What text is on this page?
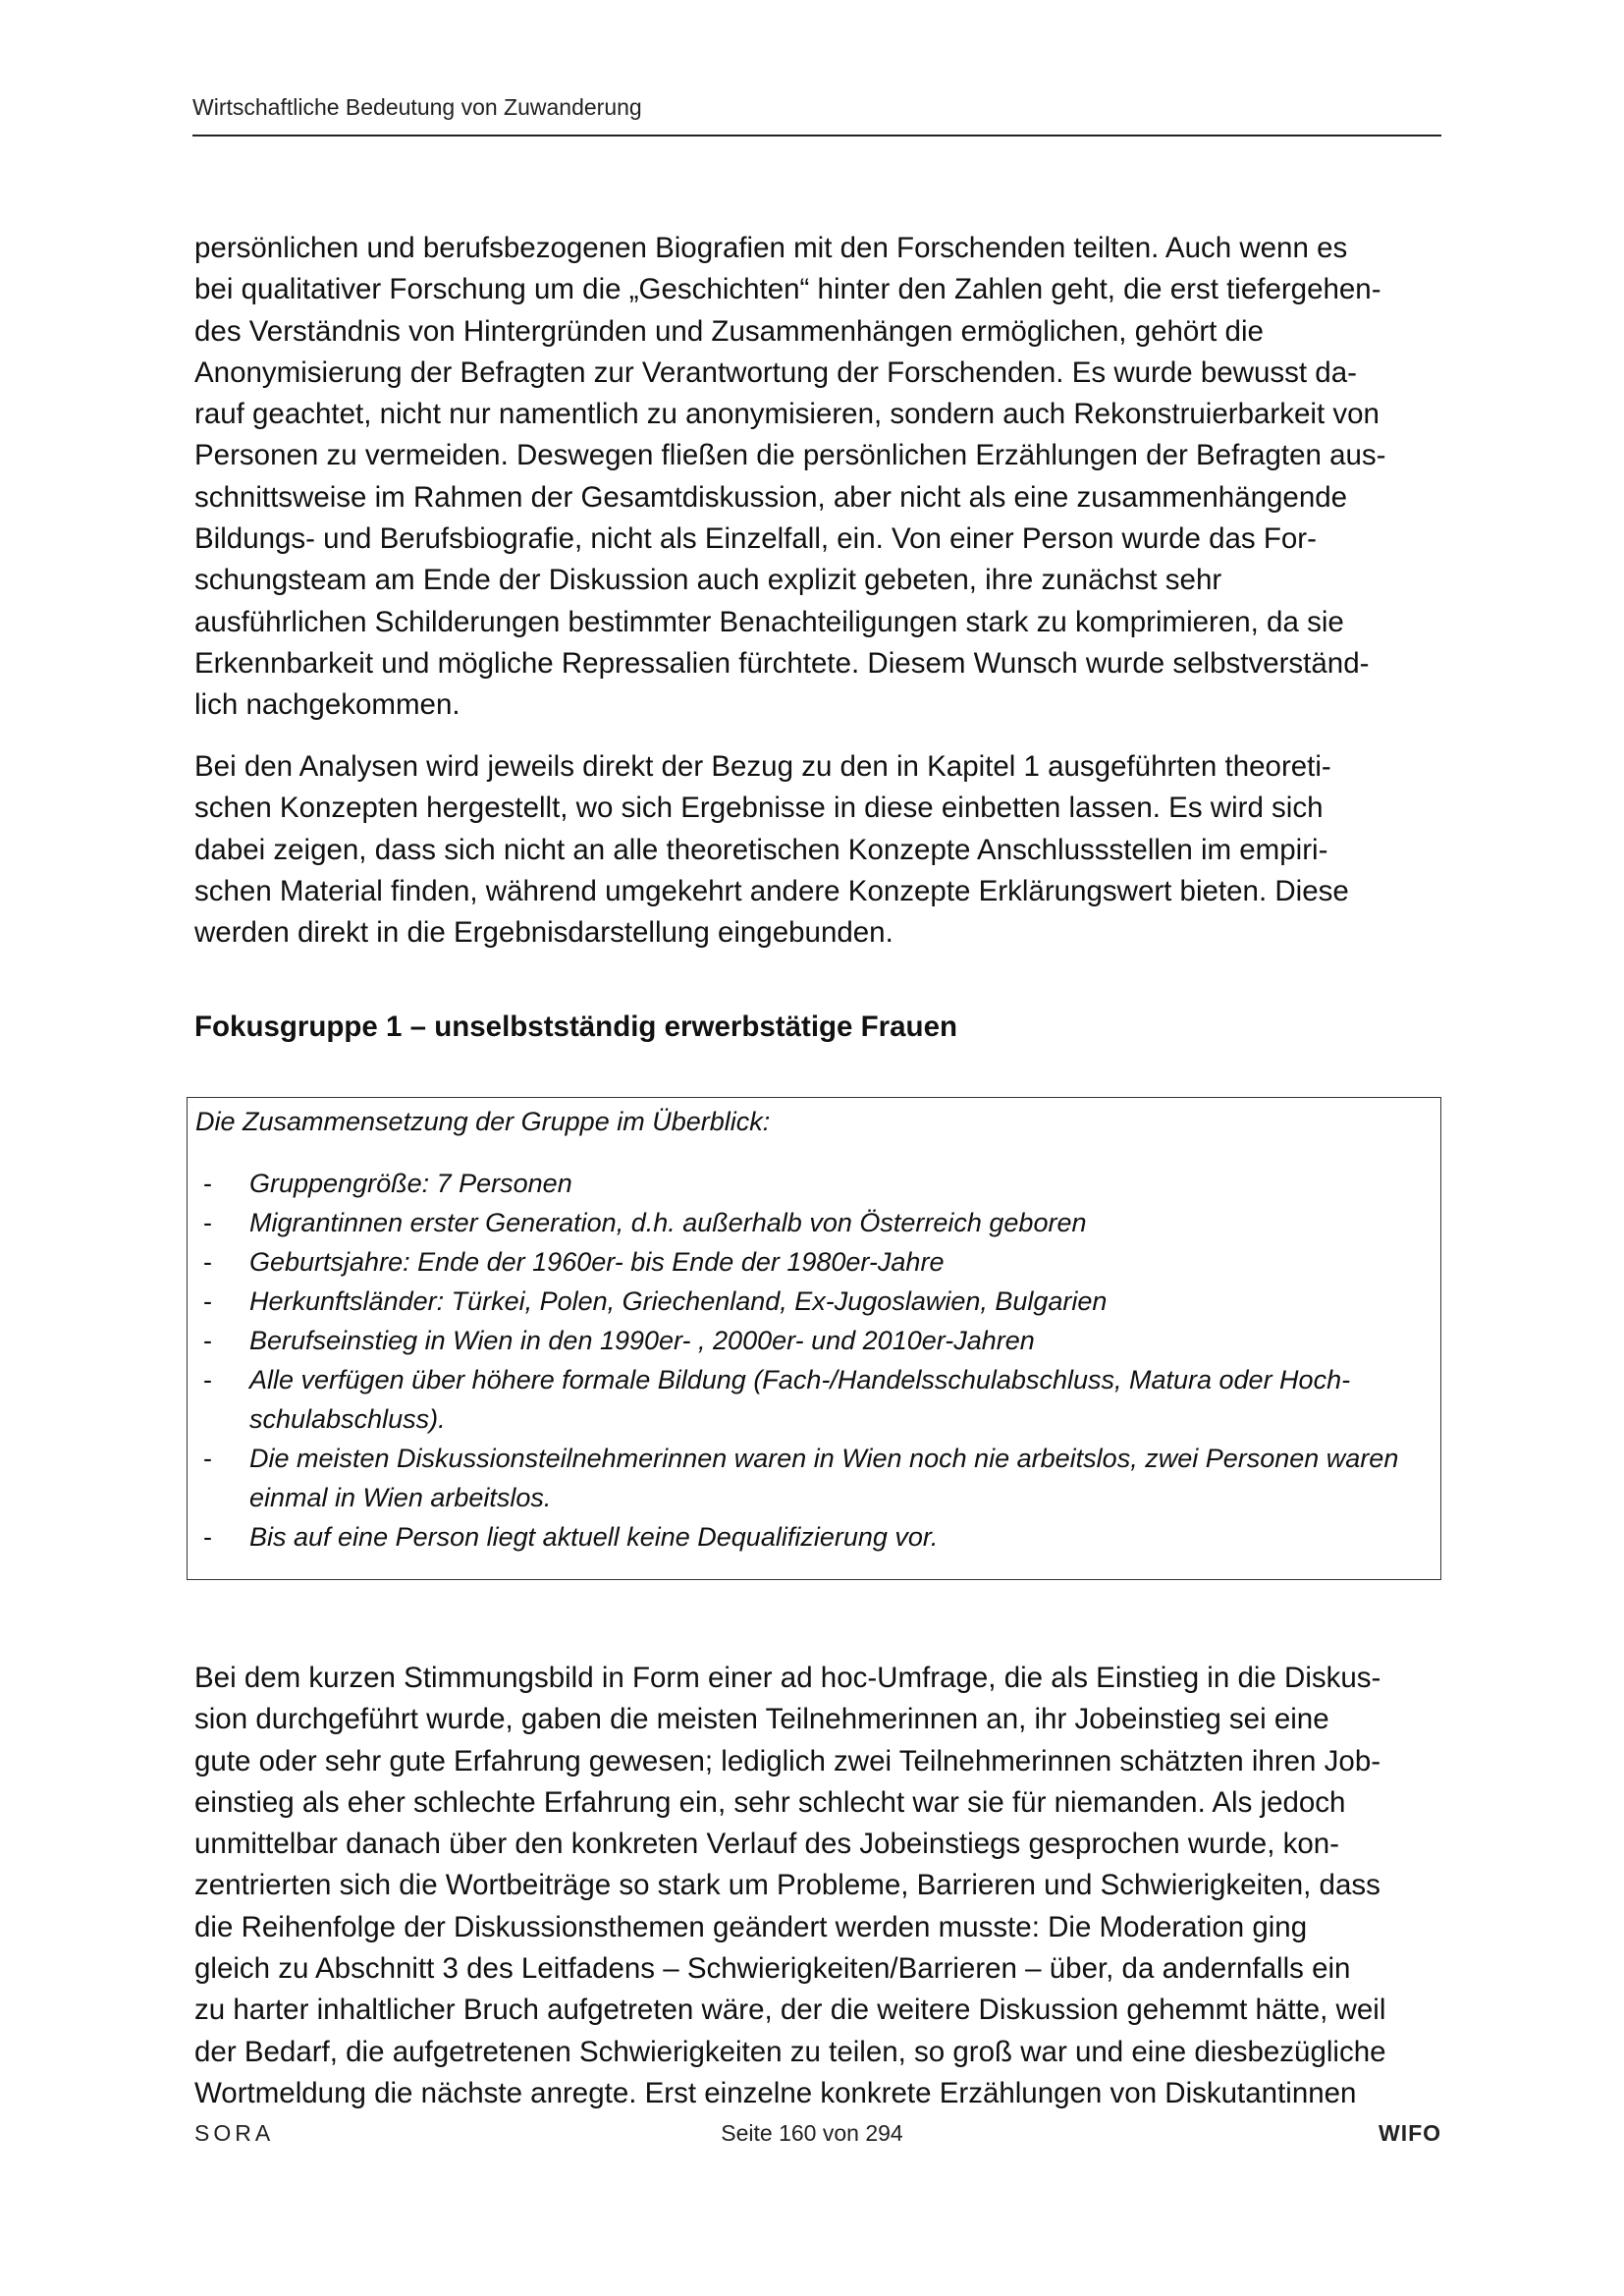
Wirtschaftliche Bedeutung von Zuwanderung

persönlichen und berufsbezogenen Biografien mit den Forschenden teilten. Auch wenn es
bei qualitativer Forschung um die „Geschichten“ hinter den Zahlen geht, die erst tiefergehen-
des Verständnis von Hintergründen und Zusammenhängen ermöglichen, gehört die
Anonymisierung der Befragten zur Verantwortung der Forschenden. Es wurde bewusst da-
rauf geachtet, nicht nur namentlich zu anonymisieren, sondern auch Rekonstruierbarkeit von
Personen zu vermeiden. Deswegen fließen die persönlichen Erzählungen der Befragten aus-
schnittsweise im Rahmen der Gesamtdiskussion, aber nicht als eine zusammenhängende
Bildungs- und Berufsbiografie, nicht als Einzelfall, ein. Von einer Person wurde das For-
schungsteam am Ende der Diskussion auch explizit gebeten, ihre zunächst sehr
ausführlichen Schilderungen bestimmter Benachteiligungen stark zu komprimieren, da sie
Erkennbarkeit und mögliche Repressalien fürchtete. Diesem Wunsch wurde selbstverständ-
lich nachgekommen.

Bei den Analysen wird jeweils direkt der Bezug zu den in Kapitel 1 ausgeführten theoreti-
schen Konzepten hergestellt, wo sich Ergebnisse in diese einbetten lassen. Es wird sich
dabei zeigen, dass sich nicht an alle theoretischen Konzepte Anschlussstellen im empiri-
schen Material finden, während umgekehrt andere Konzepte Erklärungswert bieten. Diese
werden direkt in die Ergebnisdarstellung eingebunden.

Fokusgruppe 1 – unselbstständig erwerbstätige Frauen
Die Zusammensetzung der Gruppe im Überblick:
- Gruppengröße: 7 Personen
- Migrantinnen erster Generation, d.h. außerhalb von Österreich geboren
- Geburtsjahre: Ende der 1960er- bis Ende der 1980er-Jahre
- Herkunftsländer: Türkei, Polen, Griechenland, Ex-Jugoslawien, Bulgarien
- Berufseinstieg in Wien in den 1990er- , 2000er- und 2010er-Jahren
- Alle verfügen über höhere formale Bildung (Fach-/Handelsschulabschluss, Matura oder Hoch-
schulabschluss).
- Die meisten Diskussionsteilnehmerinnen waren in Wien noch nie arbeitslos, zwei Personen waren
einmal in Wien arbeitslos.
- Bis auf eine Person liegt aktuell keine Dequalifizierung vor.

Bei dem kurzen Stimmungsbild in Form einer ad hoc-Umfrage, die als Einstieg in die Diskus-
sion durchgeführt wurde, gaben die meisten Teilnehmerinnen an, ihr Jobeinstieg sei eine
gute oder sehr gute Erfahrung gewesen; lediglich zwei Teilnehmerinnen schätzten ihren Job-
einstieg als eher schlechte Erfahrung ein, sehr schlecht war sie für niemanden. Als jedoch
unmittelbar danach über den konkreten Verlauf des Jobeinstiegs gesprochen wurde, kon-
zentrierten sich die Wortbeiträge so stark um Probleme, Barrieren und Schwierigkeiten, dass
die Reihenfolge der Diskussionsthemen geändert werden musste: Die Moderation ging
gleich zu Abschnitt 3 des Leitfadens – Schwierigkeiten/Barrieren – über, da andernfalls ein
zu harter inhaltlicher Bruch aufgetreten wäre, der die weitere Diskussion gehemmt hätte, weil
der Bedarf, die aufgetretenen Schwierigkeiten zu teilen, so groß war und eine diesbezügliche
Wortmeldung die nächste anregte. Erst einzelne konkrete Erzählungen von Diskutantinnen

SORA	Seite 160 von 294	WIFO
